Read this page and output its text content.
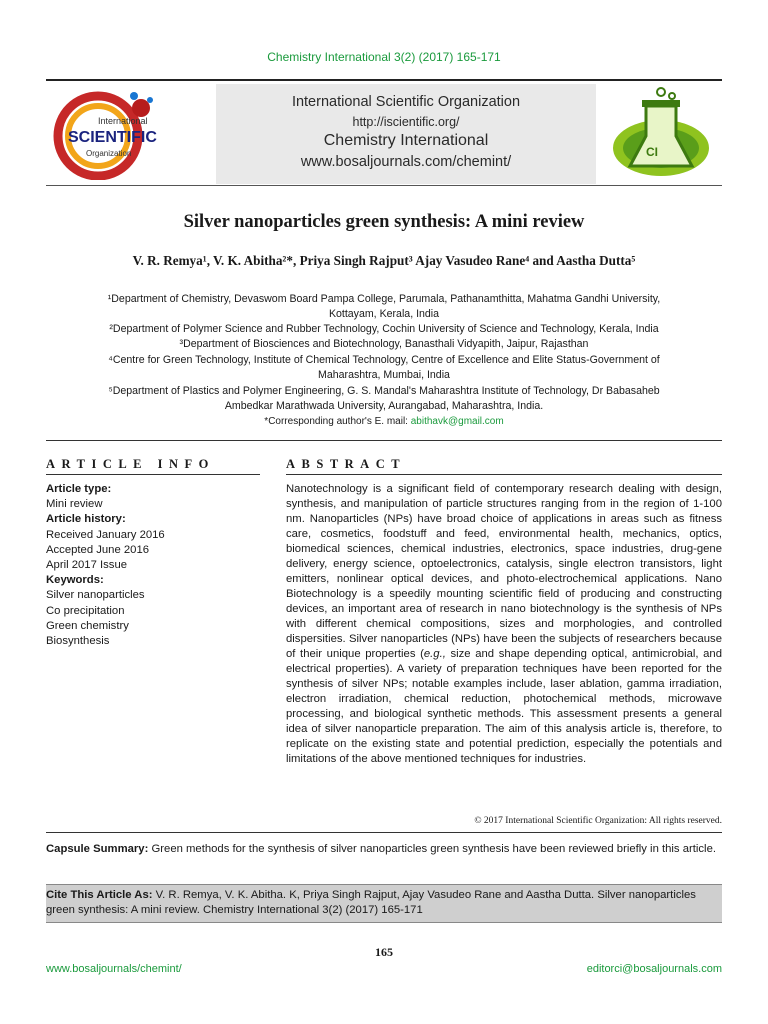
Chemistry International 3(2) (2017) 165-171
International
SCIENTIFIC
Organization
International Scientific Organization
http://iscientific.org/
Chemistry International
www.bosaljournals.com/chemint/
CI
Silver nanoparticles green synthesis: A mini review
V. R. Remya¹, V. K. Abitha²*, Priya Singh Rajput³ Ajay Vasudeo Rane⁴ and Aastha Dutta⁵
¹Department of Chemistry, Devaswom Board Pampa College, Parumala, Pathanamthitta, Mahatma Gandhi University,
Kottayam, Kerala, India
²Department of Polymer Science and Rubber Technology, Cochin University of Science and Technology, Kerala, India
³Department of Biosciences and Biotechnology, Banasthali Vidyapith, Jaipur, Rajasthan
⁴Centre for Green Technology, Institute of Chemical Technology, Centre of Excellence and Elite Status-Government of
Maharashtra, Mumbai, India
⁵Department of Plastics and Polymer Engineering, G. S. Mandal's Maharashtra Institute of Technology, Dr Babasaheb
Ambedkar Marathwada University, Aurangabad, Maharashtra, India.
*Corresponding author's E. mail: abithavk@gmail.com
ARTICLE INFO	ABSTRACT
Article type:
Mini review
Article history:
Received January 2016
Accepted June 2016
April 2017 Issue
Keywords:
Silver nanoparticles
Co precipitation
Green chemistry
Biosynthesis
Nanotechnology is a significant field of contemporary research dealing with design, synthesis, and manipulation of particle structures ranging from in the region of 1-100 nm. Nanoparticles (NPs) have broad choice of applications in areas such as fitness care, cosmetics, foodstuff and feed, environmental health, mechanics, optics, biomedical sciences, chemical industries, electronics, space industries, drug-gene delivery, energy science, optoelectronics, catalysis, single electron transistors, light emitters, nonlinear optical devices, and photo-electrochemical applications. Nano Biotechnology is a speedily mounting scientific field of producing and constructing devices, an important area of research in nano biotechnology is the synthesis of NPs with different chemical compositions, sizes and morphologies, and controlled dispersities. Silver nanoparticles (NPs) have been the subjects of researchers because of their unique properties (e.g., size and shape depending optical, antimicrobial, and electrical properties). A variety of preparation techniques have been reported for the synthesis of silver NPs; notable examples include, laser ablation, gamma irradiation, electron irradiation, chemical reduction, photochemical methods, microwave processing, and biological synthetic methods. This assessment presents a general idea of silver nanoparticle preparation. The aim of this analysis article is, therefore, to replicate on the existing state and potential prediction, especially the potentials and limitations of the above mentioned techniques for industries.
© 2017 International Scientific Organization: All rights reserved.
Capsule Summary: Green methods for the synthesis of silver nanoparticles green synthesis have been reviewed briefly in this article.
Cite This Article As: V. R. Remya, V. K. Abitha. K, Priya Singh Rajput, Ajay Vasudeo Rane and Aastha Dutta. Silver nanoparticles green synthesis: A mini review. Chemistry International 3(2) (2017) 165-171
165
www.bosaljournals/chemint/	editorci@bosaljournals.com
